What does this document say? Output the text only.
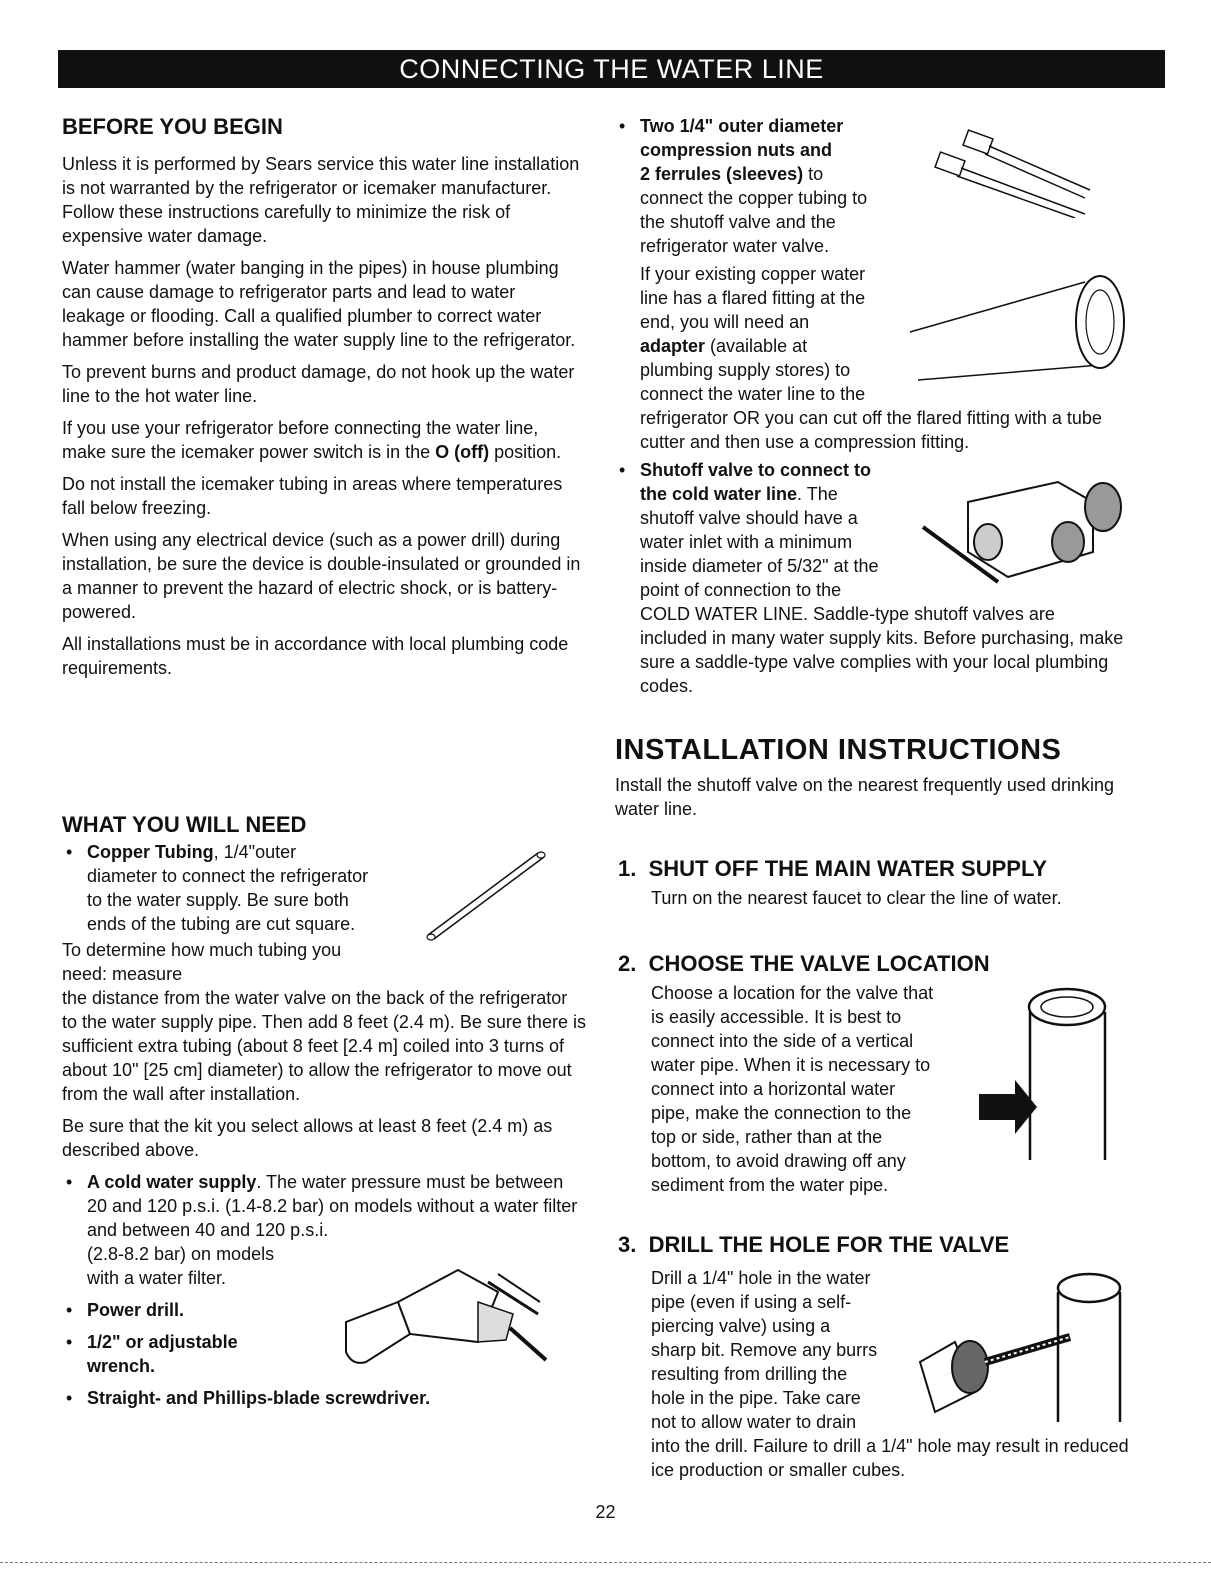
CONNECTING THE WATER LINE
BEFORE YOU BEGIN

Unless it is performed by Sears service this water line installation is not warranted by the refrigerator or icemaker manufacturer.

Follow these instructions carefully to minimize the risk of expensive water damage.

Water hammer (water banging in the pipes) in house plumbing can cause damage to refrigerator parts and lead to water leakage or flooding. Call a qualified plumber to correct water hammer before installing the water supply line to the refrigerator.

To prevent burns and product damage, do not hook up the water line to the hot water line.

If you use your refrigerator before connecting the water line, make sure the icemaker power switch is in the O (off) position.

Do not install the icemaker tubing in areas where temperatures fall below freezing.

When using any electrical device (such as a power drill) during installation, be sure the device is double-insulated or grounded in a manner to prevent the hazard of electric shock, or is battery-powered.

All installations must be in accordance with local plumbing code requirements.

WHAT YOU WILL NEED
• Copper Tubing, 1/4"outer
diameter to connect the refrigerator
to the water supply. Be sure both
ends of the tubing are cut square.
To determine how much tubing you
need: measure

the distance from the water valve on the back of the refrigerator to the water supply pipe. Then add 8 feet (2.4 m). Be sure there is sufficient extra tubing (about 8 feet [2.4 m] coiled into 3 turns of about 10" [25 cm] diameter) to allow the refrigerator to move out from the wall after installation.

Be sure that the kit you select allows at least 8 feet (2.4 m) as described above.

• A cold water supply. The water pressure must be between 20 and 120 p.s.i. (1.4-8.2 bar) on models without a water filter and between 40 and 120 p.s.i.
(2.8-8.2 bar) on models
with a water filter.
• Power drill.
• 1/2" or adjustable
wrench.
• Straight- and Phillips-blade screwdriver.
• Two 1/4" outer diameter
compression nuts and
2 ferrules (sleeves) to
connect the copper tubing to
the shutoff valve and the
refrigerator water valve.
If your existing copper water
line has a flared fitting at the
end, you will need an
adapter (available at
plumbing supply stores) to
connect the water line to the
refrigerator OR you can cut off the flared fitting with a tube cutter and then use a compression fitting.
• Shutoff valve to connect to
the cold water line. The
shutoff valve should have a
water inlet with a minimum
inside diameter of 5/32" at the
point of connection to the
COLD WATER LINE. Saddle-type shutoff valves are included in many water supply kits. Before purchasing, make sure a saddle-type valve complies with your local plumbing codes.
INSTALLATION INSTRUCTIONS

Install the shutoff valve on the nearest frequently used drinking water line.

1. SHUT OFF THE MAIN WATER SUPPLY
Turn on the nearest faucet to clear the line of water.
2. CHOOSE THE VALVE LOCATION
Choose a location for the valve that
is easily accessible. It is best to
connect into the side of a vertical
water pipe. When it is necessary to
connect into a horizontal water
pipe, make the connection to the
top or side, rather than at the
bottom, to avoid drawing off any
sediment from the water pipe.
3. DRILL THE HOLE FOR THE VALVE
Drill a 1/4" hole in the water
pipe (even if using a self-
piercing valve) using a
sharp bit. Remove any burrs
resulting from drilling the
hole in the pipe. Take care
not to allow water to drain
into the drill. Failure to drill a 1/4" hole may result in reduced ice production or smaller cubes.
22
